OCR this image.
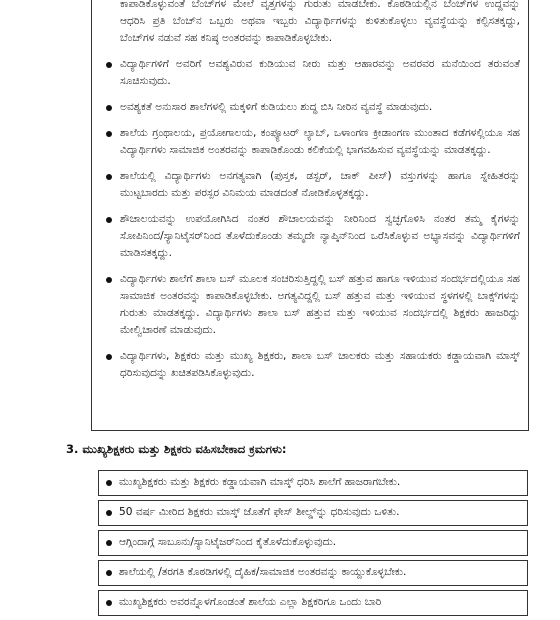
ಕಾಪಾಡಿಕೊಳ್ಳುವಂತೆ ಬೆಂಚ್‌ಗಳ ಮೇಲೆ ವೃತ್ತಗಳನ್ನು ಗುರುತು ಮಾಡಬೇಕು. ಕೊಠಡಿಯಲ್ಲಿನ ಬೆಂಚ್‌ಗಳ ಉದ್ದವನ್ನು ಆಧರಿಸಿ ಪ್ರತಿ ಬೆಂಚ್‌ನ ಒಬ್ಬರು ಅಥವಾ ಇಬ್ಬರು ವಿದ್ಯಾರ್ಥಿಗಳನ್ನು ಕುಳಿತುಕೊಳ್ಳಲು ವ್ಯವಸ್ಥೆಯನ್ನು ಕಲ್ಪಿಸತಕ್ಕದ್ದು, ಬೆಂಚ್‌ಗಳ ನಡುವೆ ಸಹ ಕನಿಷ್ಠ ಅಂತರವನ್ನು ಕಾಪಾಡಿಕೊಳ್ಳಬೇಕು.

ವಿದ್ಯಾರ್ಥಿಗಳಿಗೆ ಅವರಿಗೆ ಅವಶ್ಯವಿರುವ ಕುಡಿಯುವ ನೀರು ಮತ್ತು ಆಹಾರವನ್ನು ಅವರವರ ಮನೆಯಿಂದ ತರುವಂತೆ ಸೂಚಿಸುವುದು.

ಅವಶ್ಯಕತೆ ಅನುಸಾರ ಶಾಲೆಗಳಲ್ಲಿ ಮಕ್ಕಳಿಗೆ ಕುಡಿಯಲು ಶುದ್ಧ ಬಿಸಿ ನೀರಿನ ವ್ಯವಸ್ಥೆ ಮಾಡುವುದು.

ಶಾಲೆಯ ಗ್ರಂಥಾಲಯ, ಪ್ರಯೋಗಾಲಯ, ಕಂಪ್ಯೂಟರ್ ಲ್ಯಾಬ್, ಒಳಾಂಗಣ ಕ್ರೀಡಾಂಗಣ ಮುಂತಾದ ಕಡೆಗಳಲ್ಲಿಯೂ ಸಹ ವಿದ್ಯಾರ್ಥಿಗಳು ಸಾಮಾಜಿಕ ಅಂತರವನ್ನು ಕಾಪಾಡಿಕೊಂಡು ಕಲಿಕೆಯಲ್ಲಿ ಭಾಗವಹಿಸುವ ವ್ಯವಸ್ಥೆಯನ್ನು ಮಾಡತಕ್ಕದ್ದು.

ಶಾಲೆಯಲ್ಲಿ ವಿದ್ಯಾರ್ಥಿಗಳು ಅನಗತ್ಯವಾಗಿ (ಪುಸ್ತಕ, ಡಸ್ಟರ್, ಚಾಕ್ ಪೀಸ್) ವಸ್ತುಗಳನ್ನು ಹಾಗೂ ಸ್ನೇಹಿತರನ್ನು ಮುಟ್ಟಬಾರದು ಮತ್ತು ಪರಸ್ಪರ ವಿನಿಮಯ ಮಾಡದಂತೆ ನೋಡಿಕೊಳ್ಳತಕ್ಕದ್ದು.

ಶೌಚಾಲಯವನ್ನು ಉಪಯೋಗಿಸಿದ ನಂತರ ಶೌಚಾಲಯವನ್ನು ನೀರಿನಿಂದ ಸ್ವಚ್ಛಗೊಳಿಸಿ ನಂತರ ತಮ್ಮ ಕೈಗಳನ್ನು ಸೋಪಿನಿಂದ/ಸ್ಯಾನಿಟೈಸರ್‌ನಿಂದ ತೊಳೆದುಕೊಂಡು ತಮ್ಮದೇ ನ್ಯಾಪ್ಕಿನ್‌ನಿಂದ ಒರೆಸಿಕೊಳ್ಳುವ ಅಭ್ಯಾಸವನ್ನು ವಿದ್ಯಾರ್ಥಿಗಳಿಗೆ ಮಾಡಿಸತಕ್ಕದ್ದು.

ವಿದ್ಯಾರ್ಥಿಗಳು ಶಾಲೆಗೆ ಶಾಲಾ ಬಸ್ ಮೂಲಕ ಸಂಚರಿಸುತ್ತಿದ್ದಲ್ಲಿ ಬಸ್ ಹತ್ತುವ ಹಾಗೂ ಇಳಿಯುವ ಸಂದರ್ಭದಲ್ಲಿಯೂ ಸಹ ಸಾಮಾಜಿಕ ಅಂತರವನ್ನು ಕಾಪಾಡಿಕೊಳ್ಳಬೇಕು. ಅಗತ್ಯವಿದ್ದಲ್ಲಿ ಬಸ್ ಹತ್ತುವ ಮತ್ತು ಇಳಿಯುವ ಸ್ಥಳಗಳಲ್ಲಿ ಬಾಕ್ಸ್‌ಗಳನ್ನು ಗುರುತು ಮಾಡತಕ್ಕದ್ದು. ವಿದ್ಯಾರ್ಥಿಗಳು ಶಾಲಾ ಬಸ್ ಹತ್ತುವ ಮತ್ತು ಇಳಿಯುವ ಸಂದರ್ಭದಲ್ಲಿ ಶಿಕ್ಷಕರು ಹಾಜರಿದ್ದು ಮೇಲ್ವಿಚಾರಣೆ ಮಾಡುವುದು.

ವಿದ್ಯಾರ್ಥಿಗಳು, ಶಿಕ್ಷಕರು ಮತ್ತು ಮುಖ್ಯ ಶಿಕ್ಷಕರು, ಶಾಲಾ ಬಸ್ ಚಾಲಕರು ಮತ್ತು ಸಹಾಯಕರು ಕಡ್ಡಾಯವಾಗಿ ಮಾಸ್ಕ್ ಧರಿಸುವುದನ್ನು ಖಚಿತಪಡಿಸಿಕೊಳ್ಳುವುದು.

3. ಮುಖ್ಯಶಿಕ್ಷಕರು ಮತ್ತು ಶಿಕ್ಷಕರು ವಹಿಸಬೇಕಾದ ಕ್ರಮಗಳು:

ಮುಖ್ಯಶಿಕ್ಷಕರು ಮತ್ತು ಶಿಕ್ಷಕರು ಕಡ್ಡಾಯವಾಗಿ ಮಾಸ್ಕ್ ಧರಿಸಿ ಶಾಲೆಗೆ ಹಾಜರಾಗಬೇಕು.

50 ವರ್ಷ ಮೀರಿದ ಶಿಕ್ಷಕರು ಮಾಸ್ಕ್ ಜೊತೆಗೆ ಫೇಸ್ ಶೀಲ್ಡ್‌ನ್ನು ಧರಿಸುವುದು ಒಳಿತು.

ಆಗ್ಗಿಂದಾಗ್ಗೆ ಸಾಬೂನು/ಸ್ಯಾನಿಟೈಜರ್‌ನಿಂದ ಕೈತೊಳೆದುಕೊಳ್ಳುವುದು.

ಶಾಲೆಯಲ್ಲಿ /ತರಗತಿ ಕೊಠಡಿಗಳಲ್ಲಿ ದೈಹಿಕ/ಸಾಮಾಜಿಕ ಅಂತರವನ್ನು ಕಾಯ್ದುಕೊಳ್ಳಬೇಕು.

ಮುಖ್ಯಶಿಕ್ಷಕರು ಅವರನ್ನೊಳಗೊಂಡಂತೆ ಶಾಲೆಯ ಎಲ್ಲಾ ಶಿಕ್ಷಕರಿಗೂ ಒಂದು ಬಾರಿ
